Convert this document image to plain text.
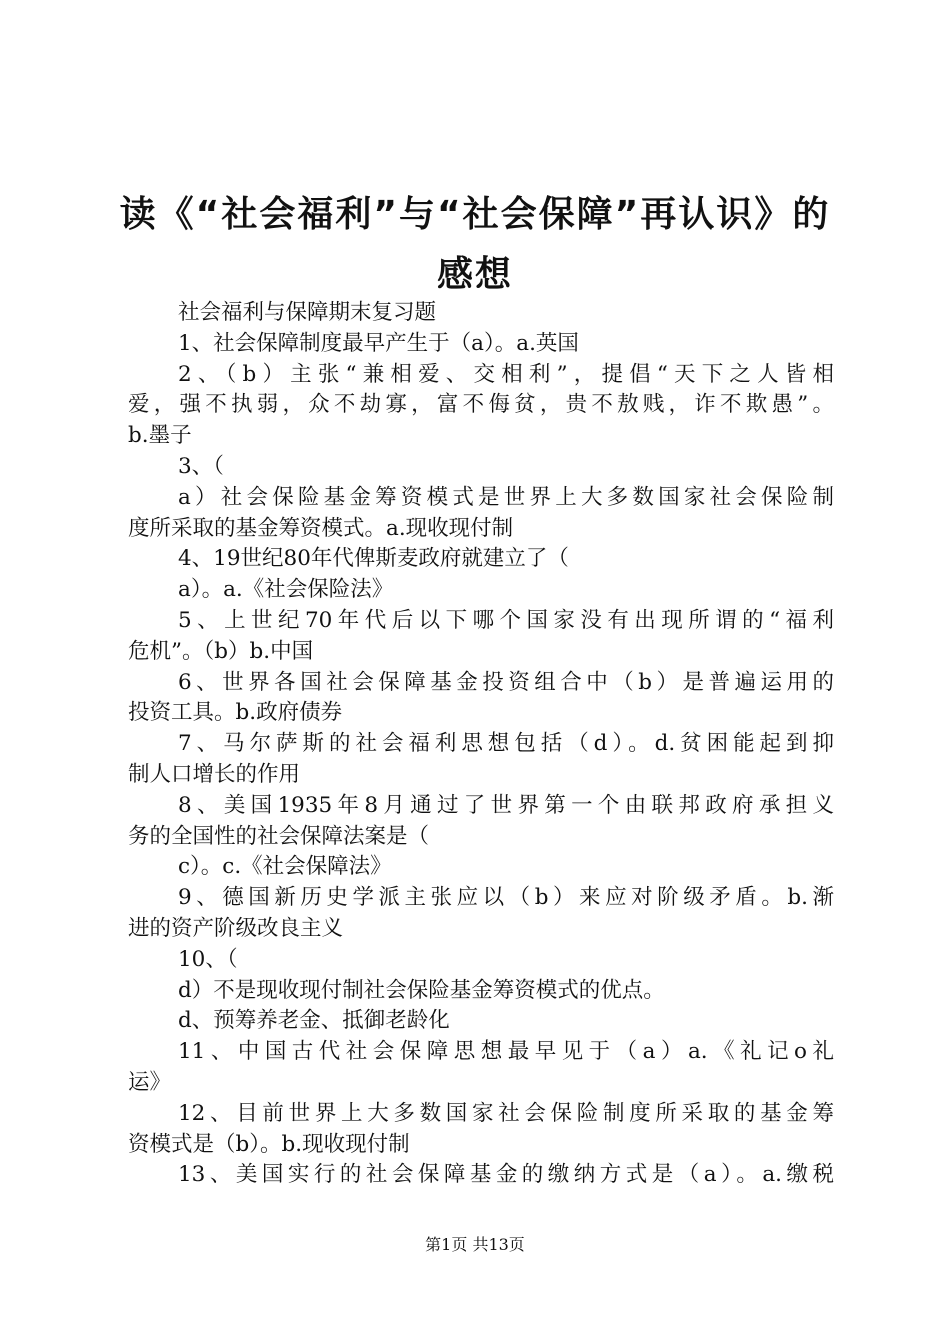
读《“社会福利”与“社会保障”再认识》的
感想
社会福利与保障期末复习题
1、社会保障制度最早产生于（a）。a.英国
2、（b）主张“兼相爱、交相利”，提倡“天下之人皆相
爱，强不执弱，众不劫寡，富不侮贫，贵不敖贱，诈不欺愚”。
b.墨子
3、（
a）社会保险基金筹资模式是世界上大多数国家社会保险制
度所采取的基金筹资模式。a.现收现付制
4、19世纪80年代俾斯麦政府就建立了（
a）。a.《社会保险法》
5、上世纪70年代后以下哪个国家没有出现所谓的“福利
危机”。（b）b.中国
6、世界各国社会保障基金投资组合中（b）是普遍运用的
投资工具。b.政府债券
7、马尔萨斯的社会福利思想包括（d）。d.贫困能起到抑
制人口增长的作用
8、美国1935年8月通过了世界第一个由联邦政府承担义
务的全国性的社会保障法案是（
c）。c.《社会保障法》
9、德国新历史学派主张应以（b）来应对阶级矛盾。b.渐
进的资产阶级改良主义
10、（
d）不是现收现付制社会保险基金筹资模式的优点。
d、预筹养老金、抵御老龄化
11、中国古代社会保障思想最早见于（a）a.《礼记o礼
运》
12、目前世界上大多数国家社会保险制度所采取的基金筹
资模式是（b）。b.现收现付制
13、美国实行的社会保障基金的缴纳方式是（a）。a.缴税
第1页 共13页
